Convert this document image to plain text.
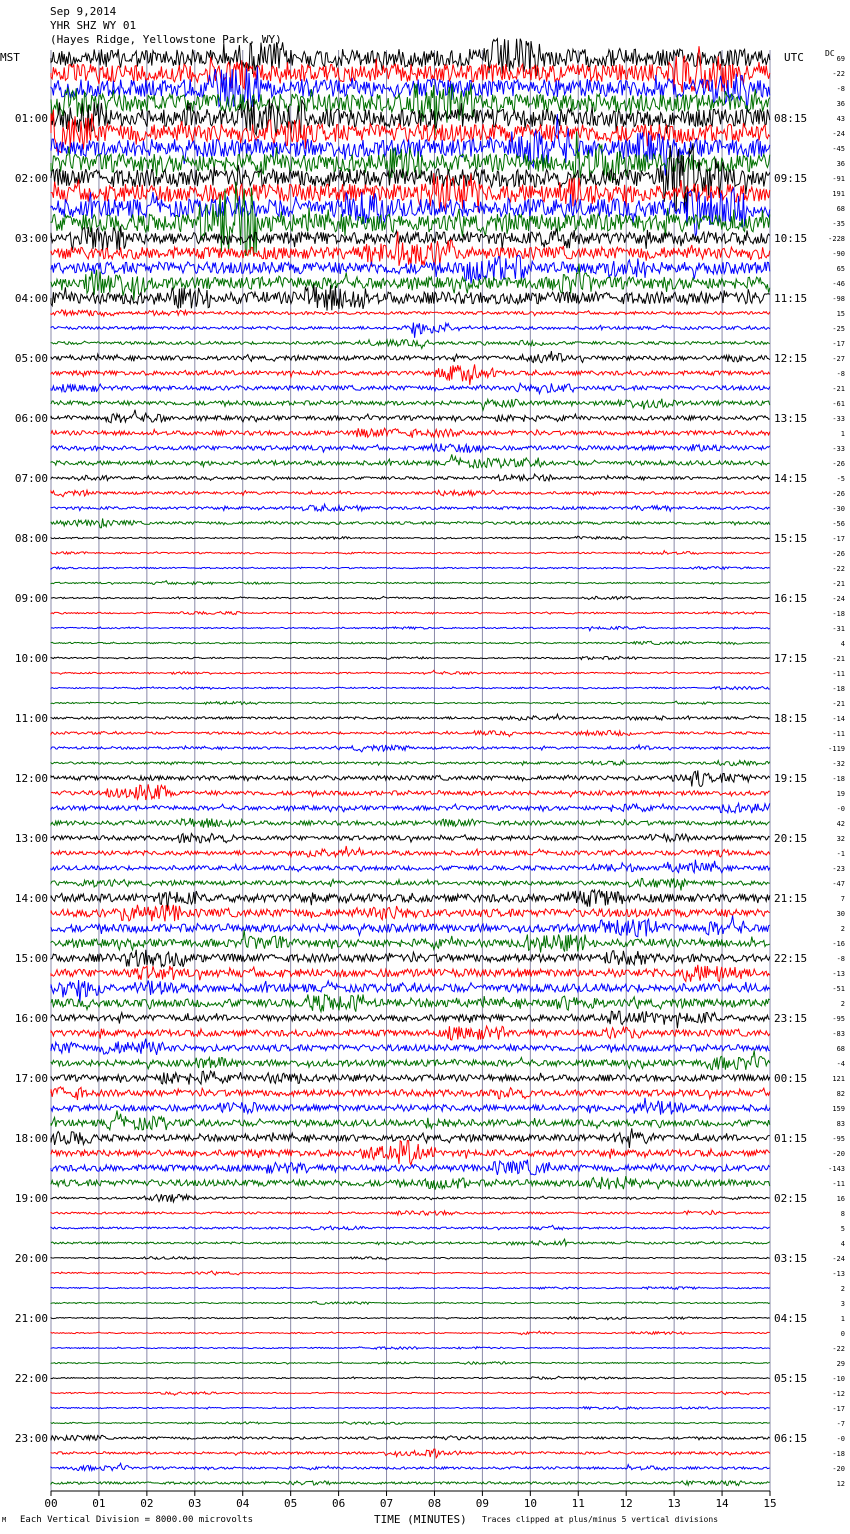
Sep 9,2014
YHR SHZ WY 01
(Hayes Ridge, Yellowstone Park, WY)
MST	UTC	DC
69
-22
-8
36
43
-24
-45
36
-91
191
68
-35
-228
-90
65
-46
-98
15
-25
-17
-27
-8
-21
-61
-33
1
-33
-26
-5
-26
-30
-56
-17
-26
-22
-21
-24
-18
-31
4
-21
-11
-18
-21
-14
-11
-119
-32
-18
19
-0
42
32
-1
-23
-47
7
30
2
-16
-8
-13
-51
2
-95
-83
68
-4
121
82
159
83
-95
-20
-143
-11
16
8
5
4
-24
-13
2
3
1
0
-22
29
-10
-12
-17
-7
-0
-18
-20
12
01:00	08:15
02:00	09:15
03:00	10:15
04:00	11:15
05:00	12:15
06:00	13:15
07:00	14:15
08:00	15:15
09:00	16:15
10:00	17:15
11:00	18:15
12:00	19:15
13:00	20:15
14:00	21:15
15:00	22:15
16:00	23:15
17:00	00:15
18:00	01:15
19:00	02:15
20:00	03:15
21:00	04:15
22:00	05:15
23:00	06:15
00	01	02	03	04	05	06	07	08	09	10	11	12	13	14	15
M Each Vertical Division = 8000.00 microvolts	TIME (MINUTES) Traces clipped at plus/minus 5 vertical divisions
